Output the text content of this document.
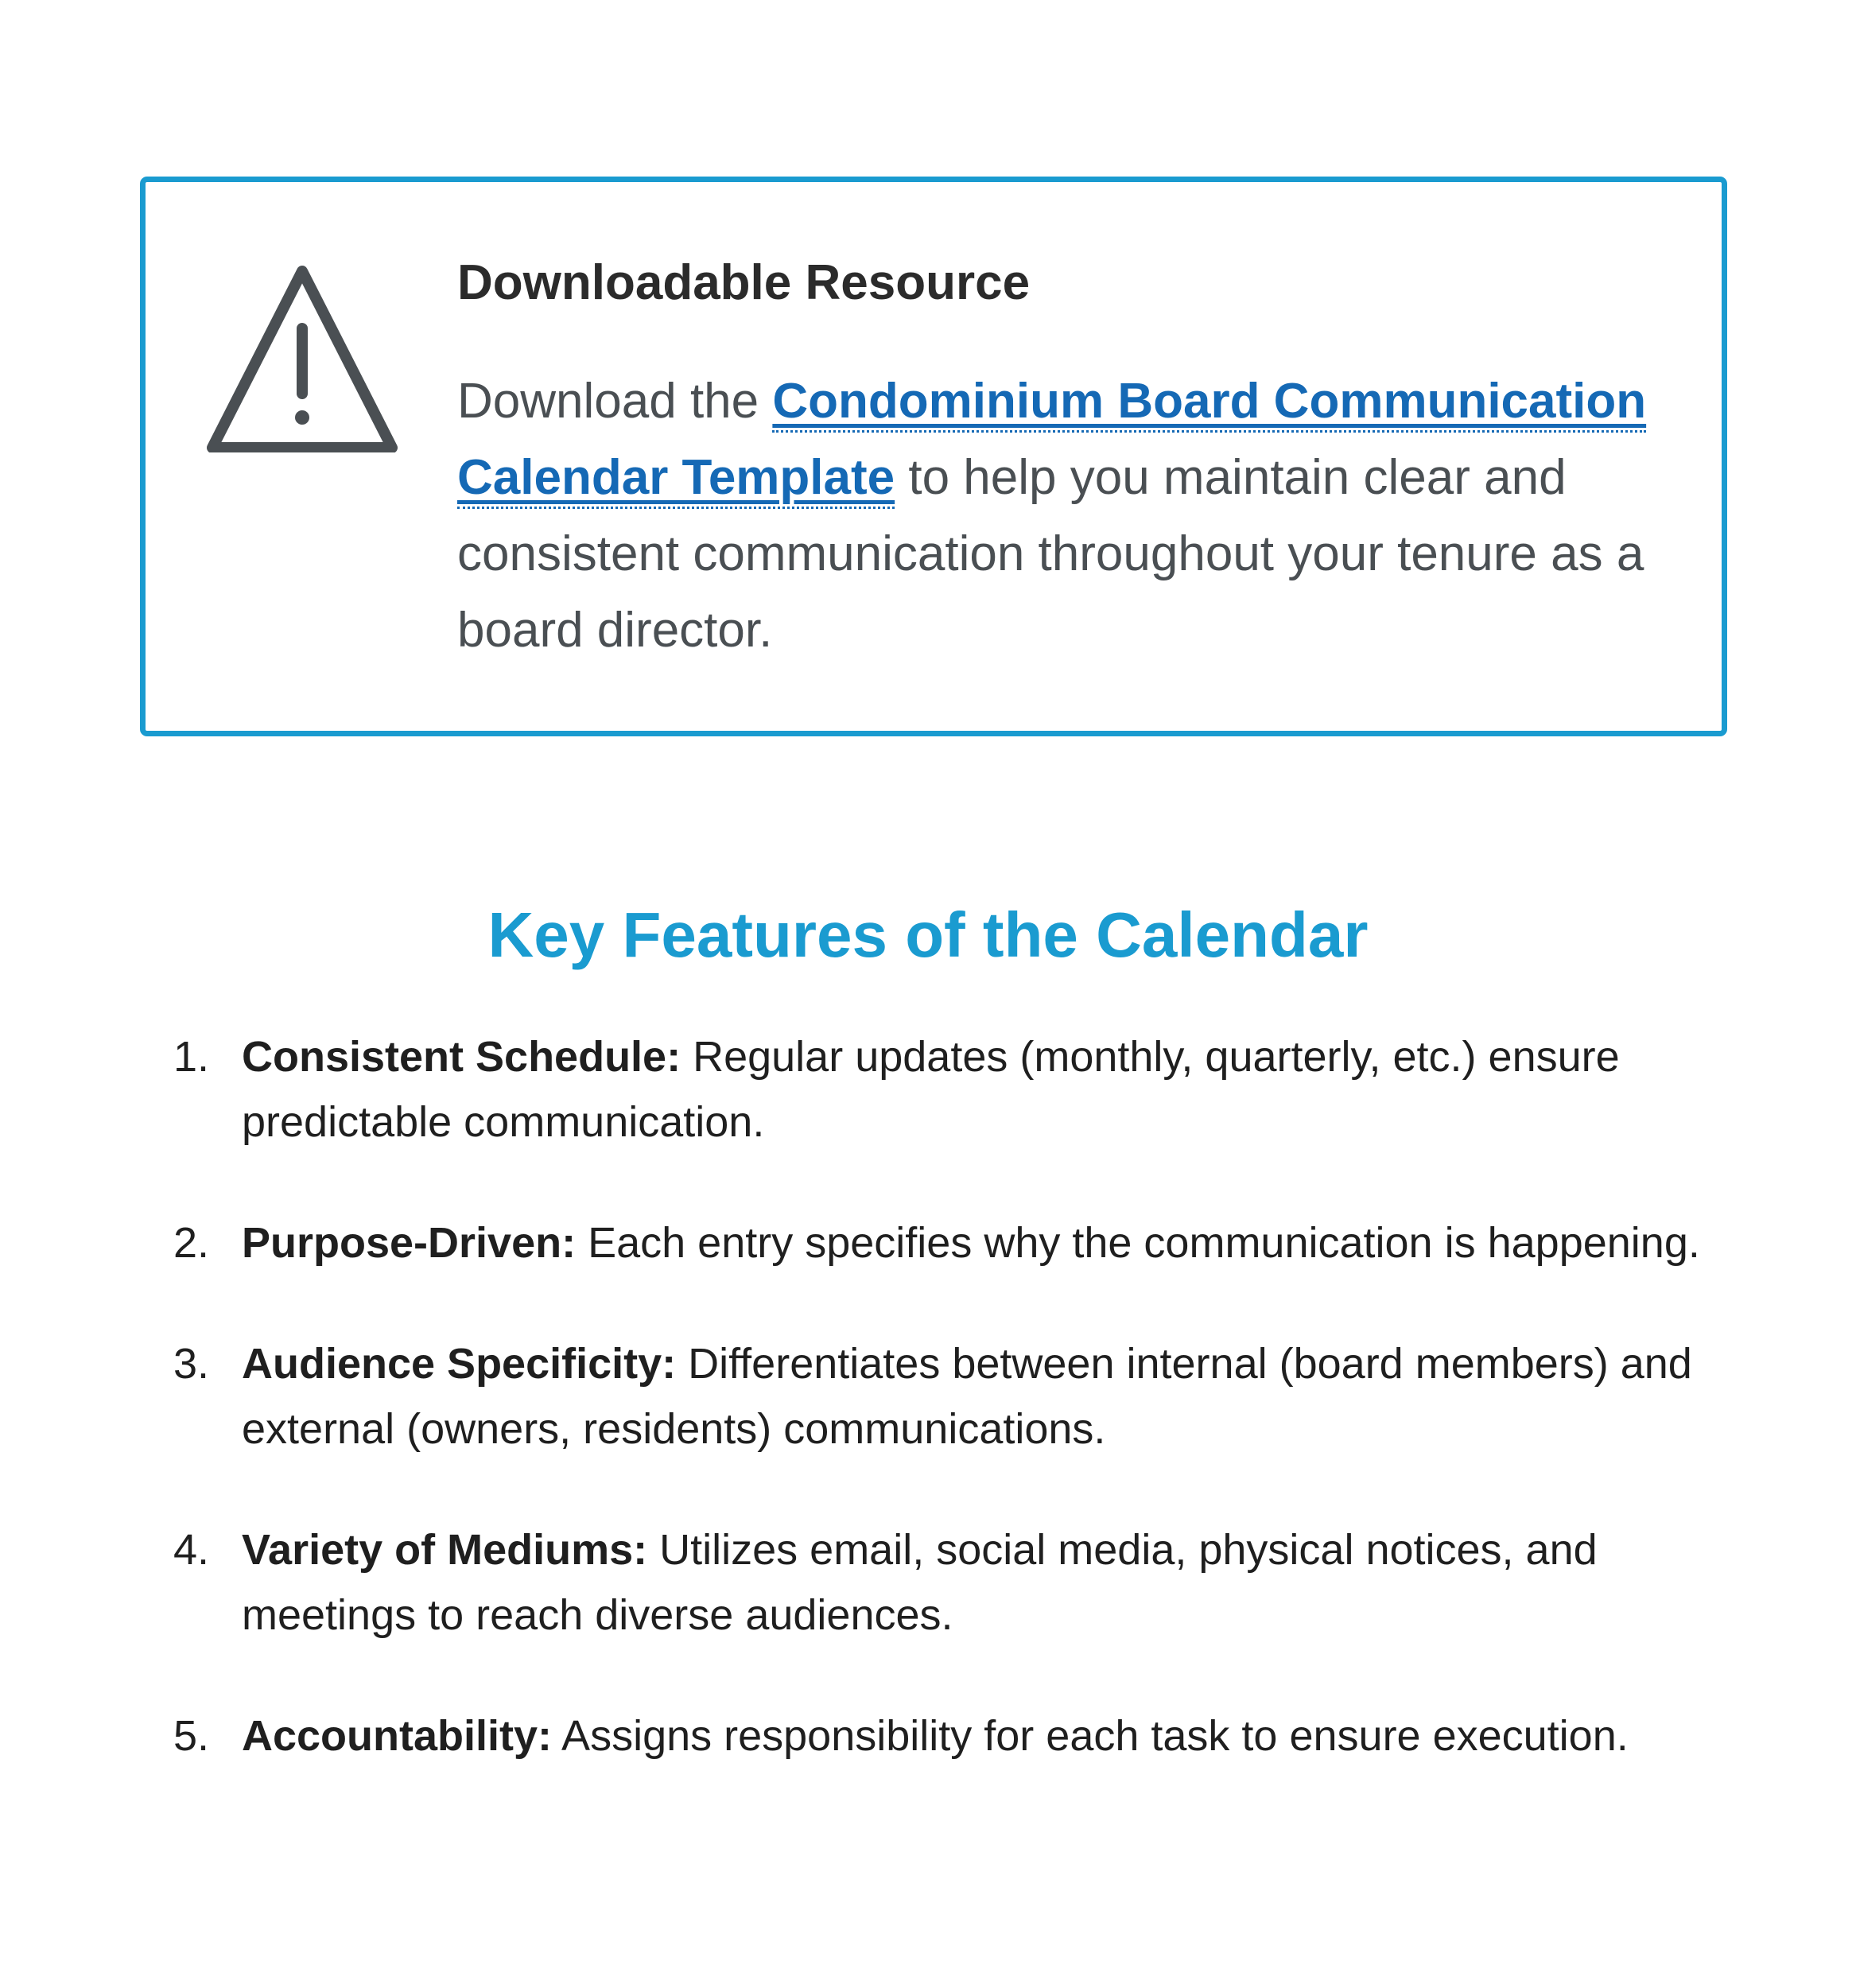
Downloadable Resource

Download the Condominium Board Communication Calendar Template to help you maintain clear and consistent communication throughout your tenure as a board director.

Key Features of the Calendar
1. Consistent Schedule: Regular updates (monthly, quarterly, etc.) ensure predictable communication.
2. Purpose-Driven: Each entry specifies why the communication is happening.
3. Audience Specificity: Differentiates between internal (board members) and external (owners, residents) communications.
4. Variety of Mediums: Utilizes email, social media, physical notices, and meetings to reach diverse audiences.
5. Accountability: Assigns responsibility for each task to ensure execution.
